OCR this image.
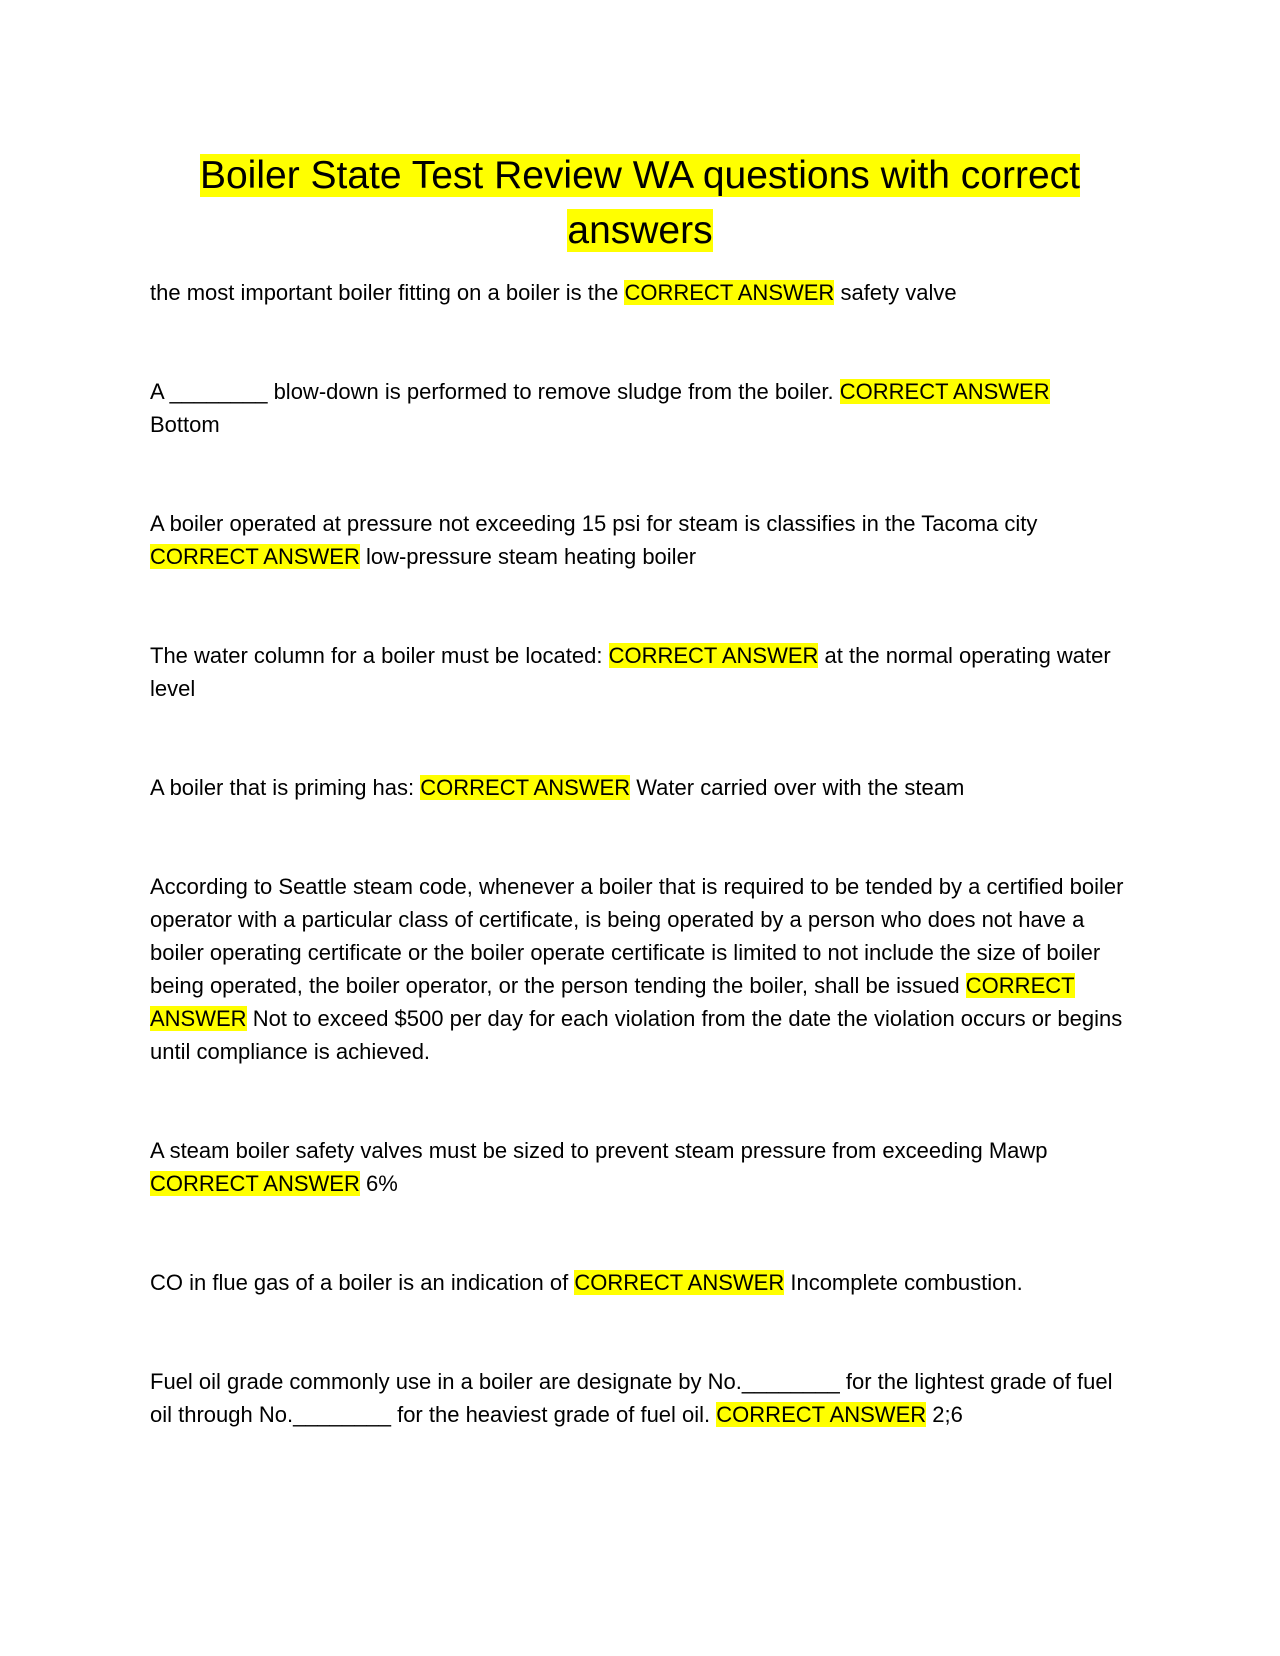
Boiler State Test Review WA questions with correct answers

the most important boiler fitting on a boiler is the CORRECT ANSWER safety valve

A ________ blow-down is performed to remove sludge from the boiler. CORRECT ANSWER
Bottom

A boiler operated at pressure not exceeding 15 psi for steam is classifies in the Tacoma city
CORRECT ANSWER low-pressure steam heating boiler

The water column for a boiler must be located: CORRECT ANSWER at the normal operating water level

A boiler that is priming has: CORRECT ANSWER Water carried over with the steam

According to Seattle steam code, whenever a boiler that is required to be tended by a certified boiler operator with a particular class of certificate, is being operated by a person who does not have a boiler operating certificate or the boiler operate certificate is limited to not include the size of boiler being operated, the boiler operator, or the person tending the boiler, shall be issued CORRECT ANSWER Not to exceed $500 per day for each violation from the date the violation occurs or begins until compliance is achieved.

A steam boiler safety valves must be sized to prevent steam pressure from exceeding Mawp
CORRECT ANSWER 6%

CO in flue gas of a boiler is an indication of CORRECT ANSWER Incomplete combustion.

Fuel oil grade commonly use in a boiler are designate by No.________ for the lightest grade of fuel oil through No.________ for the heaviest grade of fuel oil. CORRECT ANSWER 2;6
